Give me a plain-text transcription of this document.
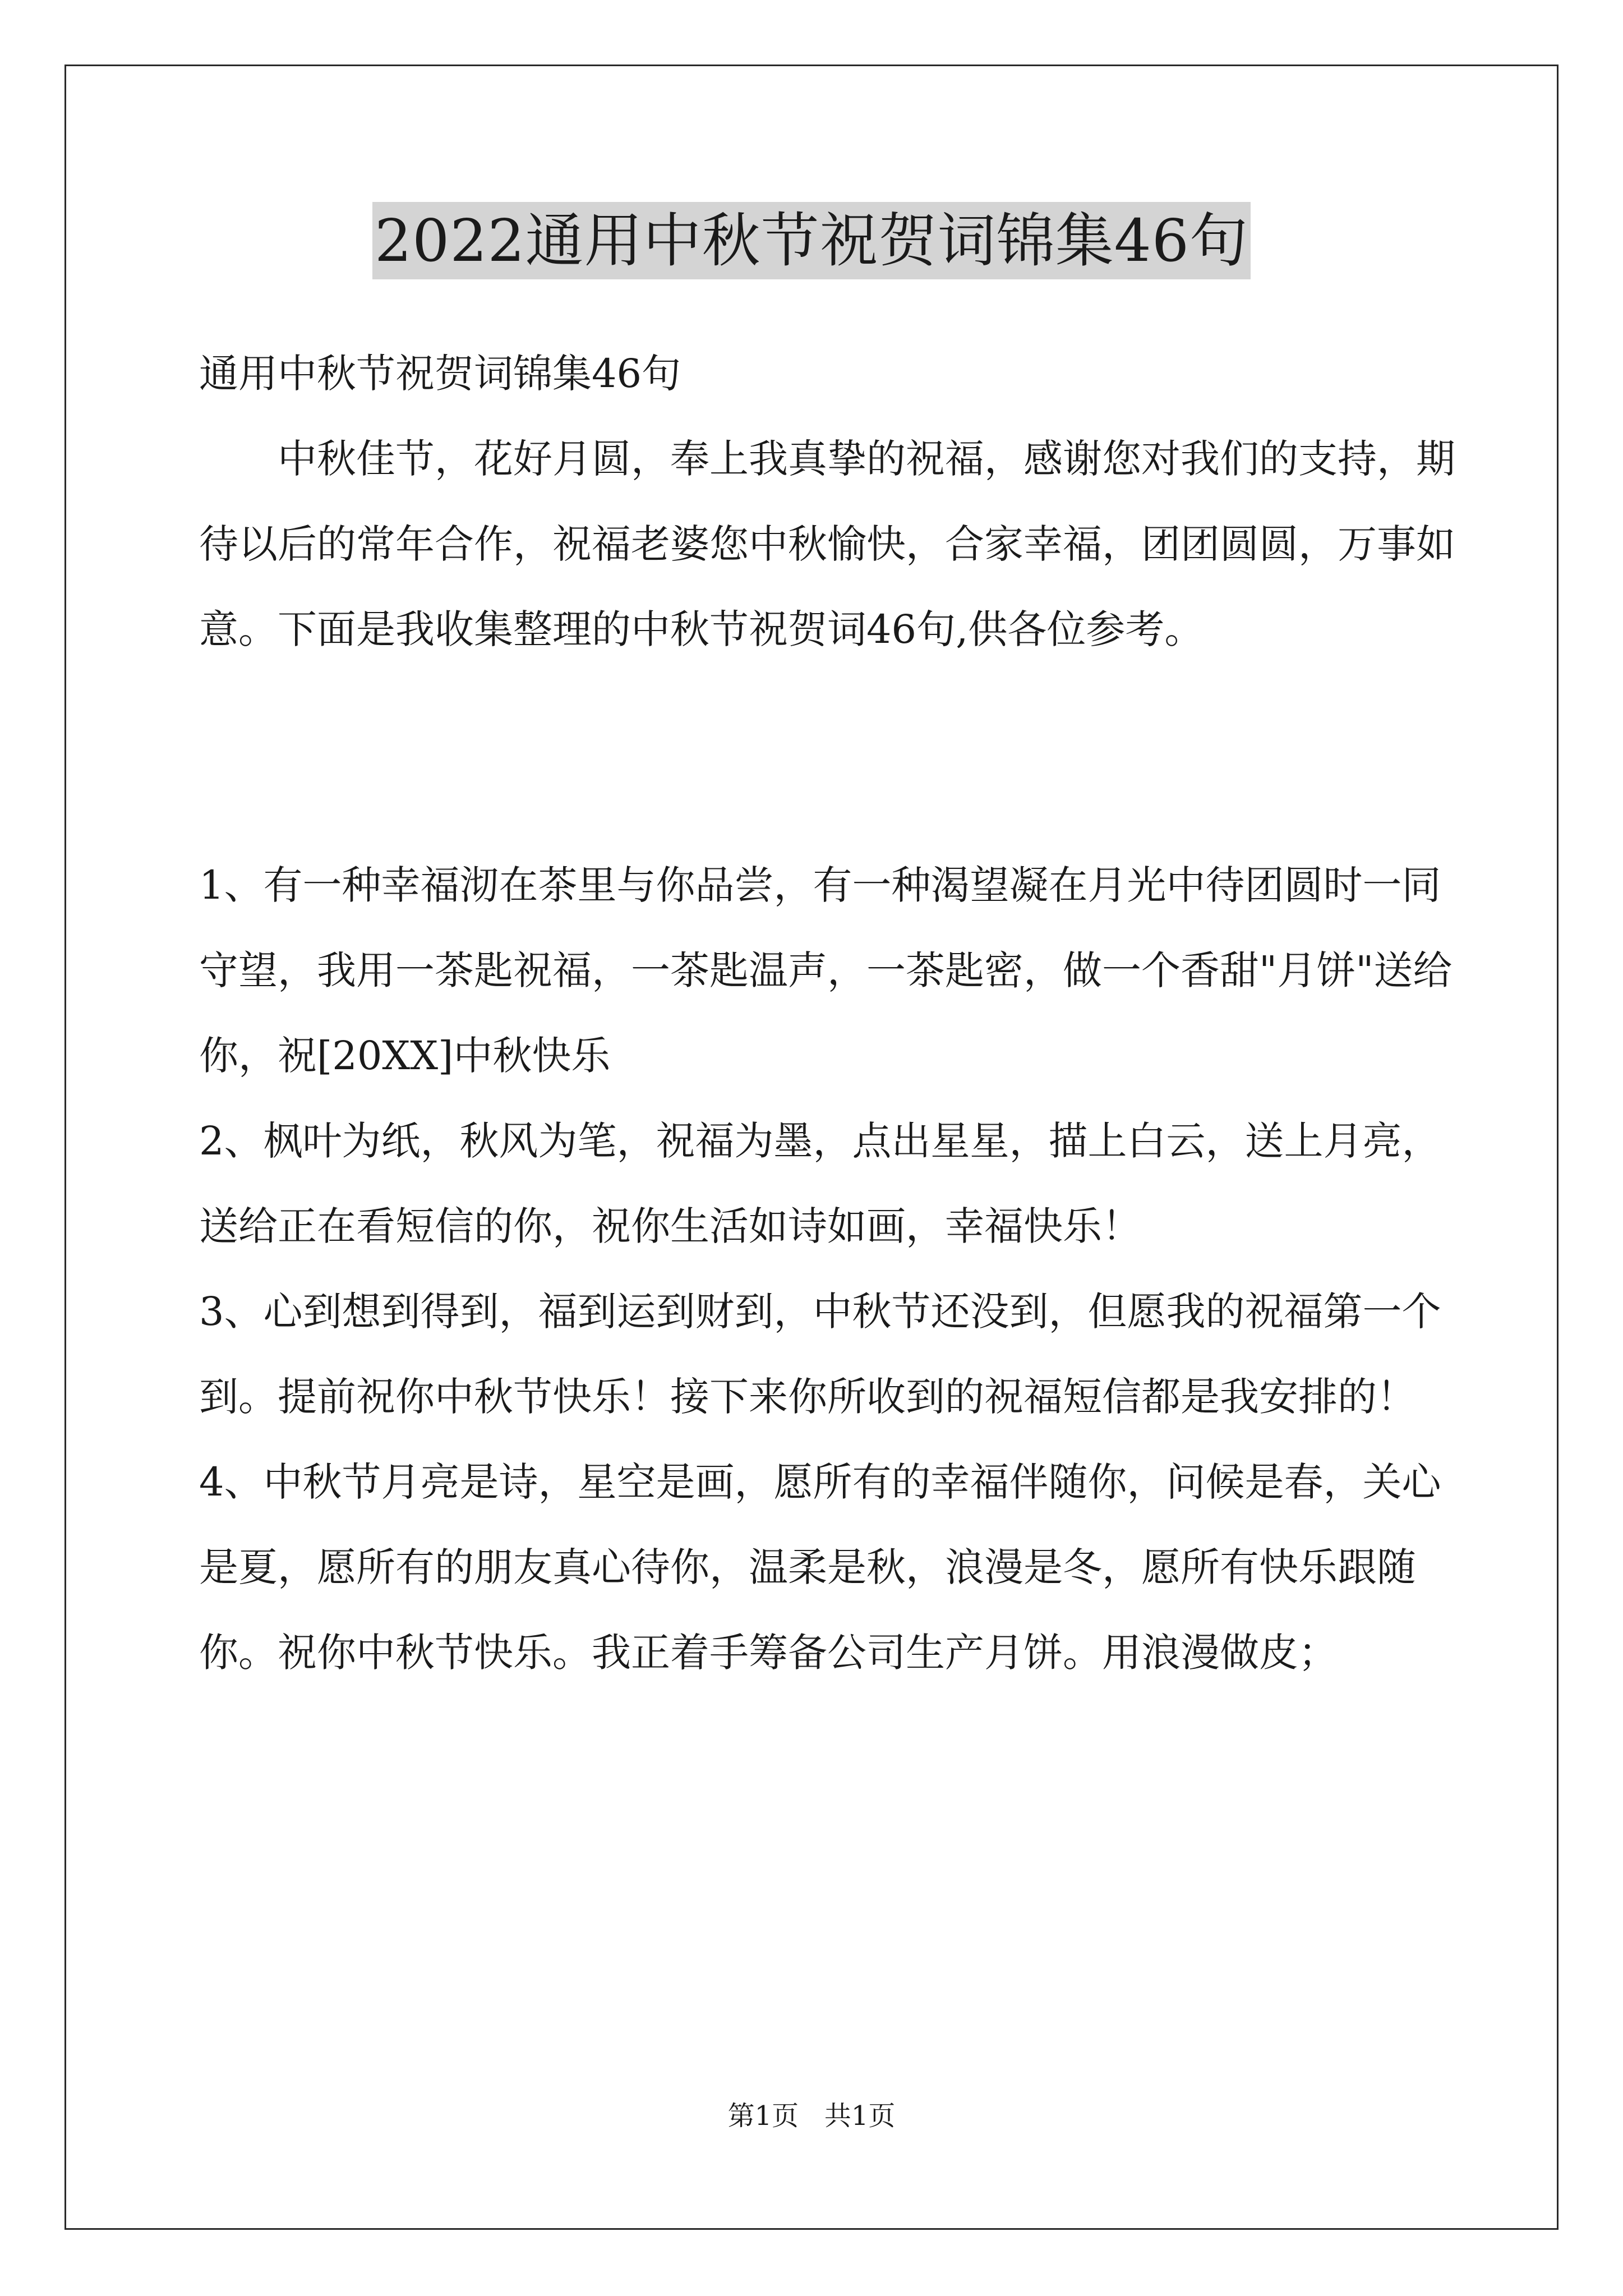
2022通用中秋节祝贺词锦集46句

通用中秋节祝贺词锦集46句

中秋佳节，花好月圆，奉上我真挚的祝福，感谢您对我们的支持，期待以后的常年合作，祝福老婆您中秋愉快，合家幸福，团团圆圆，万事如意。下面是我收集整理的中秋节祝贺词46句,供各位参考。

1、有一种幸福沏在茶里与你品尝，有一种渴望凝在月光中待团圆时一同守望，我用一茶匙祝福，一茶匙温声，一茶匙密，做一个香甜"月饼"送给你，祝[20XX]中秋快乐

2、枫叶为纸，秋风为笔，祝福为墨，点出星星，描上白云，送上月亮，送给正在看短信的你，祝你生活如诗如画，幸福快乐！

3、心到想到得到，福到运到财到，中秋节还没到，但愿我的祝福第一个到。提前祝你中秋节快乐！接下来你所收到的祝福短信都是我安排的！

4、中秋节月亮是诗，星空是画，愿所有的幸福伴随你，问候是春，关心是夏，愿所有的朋友真心待你，温柔是秋，浪漫是冬，愿所有快乐跟随你。祝你中秋节快乐。我正着手筹备公司生产月饼。用浪漫做皮；

第1页   共1页
